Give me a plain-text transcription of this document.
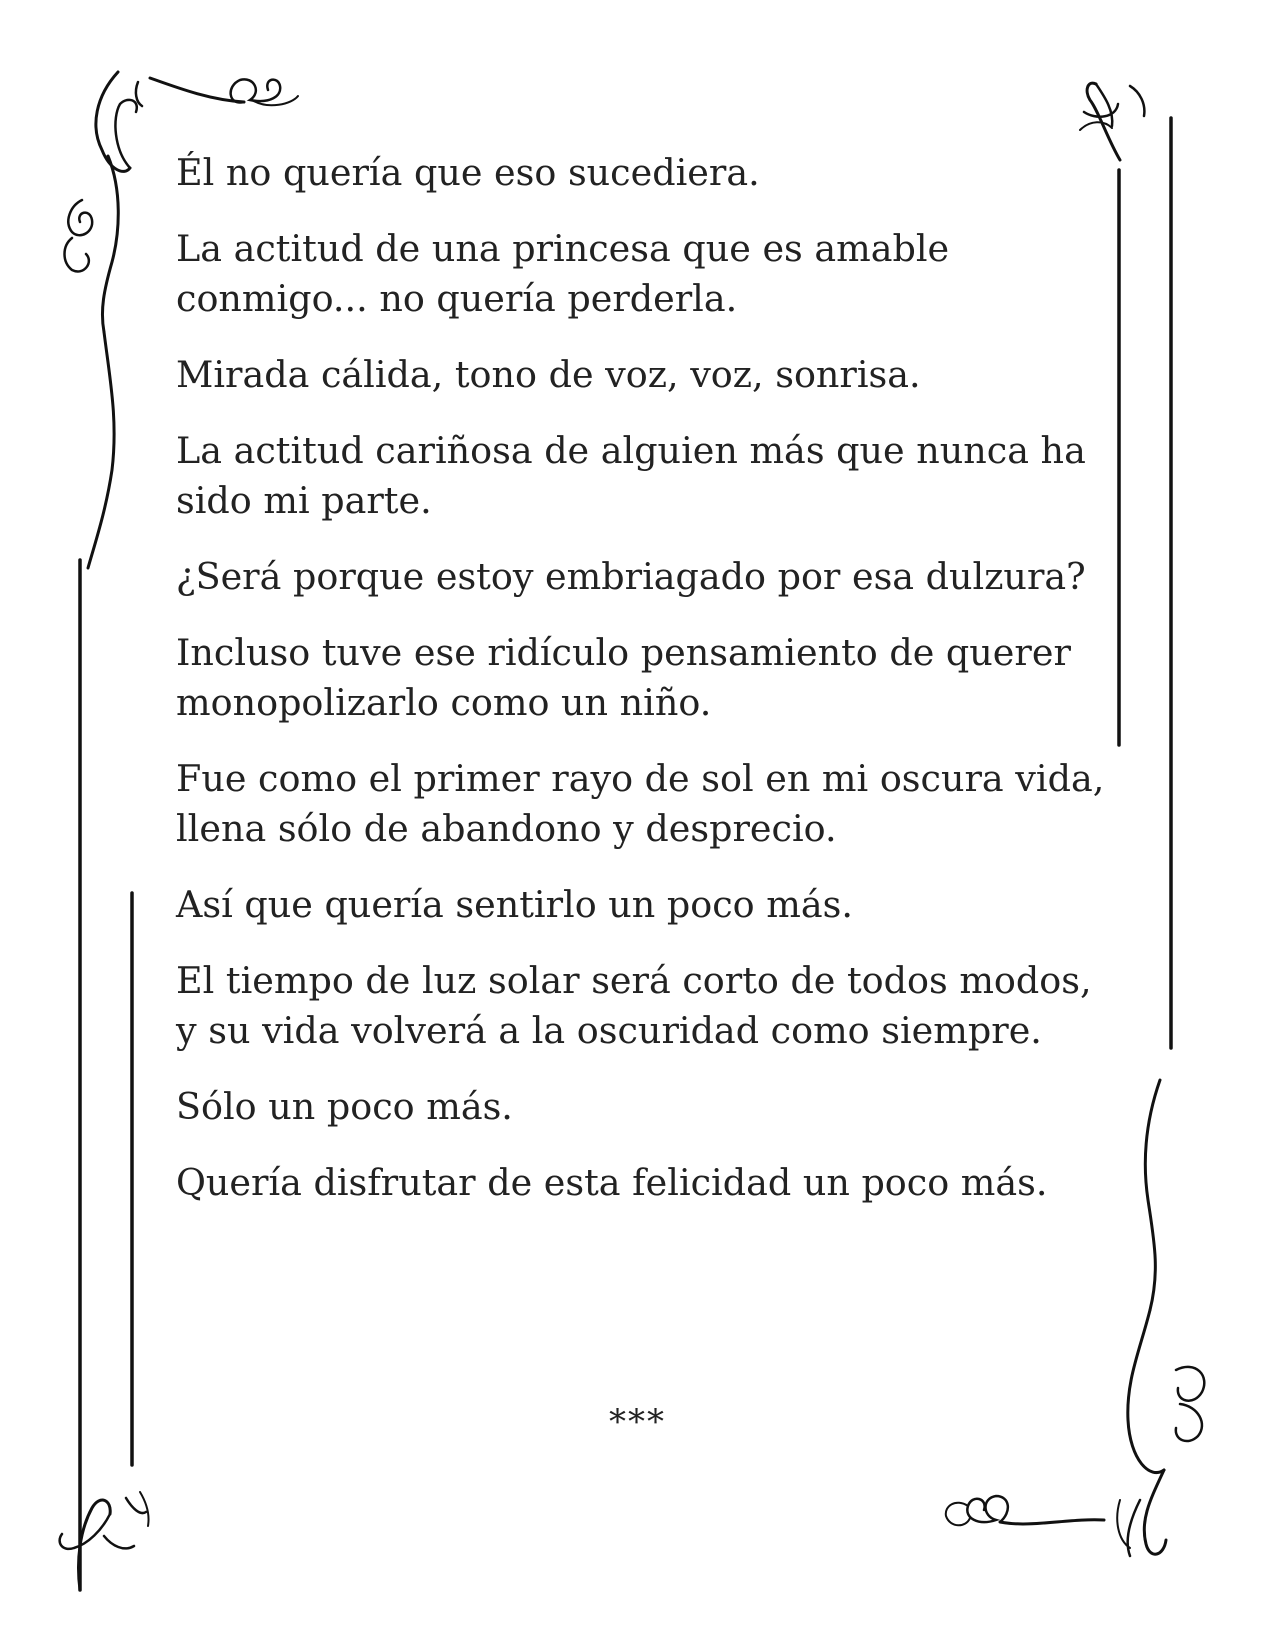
Él no quería que eso sucediera.

La actitud de una princesa que es amable conmigo... no quería perderla.

Mirada cálida, tono de voz, voz, sonrisa.

La actitud cariñosa de alguien más que nunca ha sido mi parte.

¿Será porque estoy embriagado por esa dulzura?

Incluso tuve ese ridículo pensamiento de querer monopolizarlo como un niño.

Fue como el primer rayo de sol en mi oscura vida, llena sólo de abandono y desprecio.

Así que quería sentirlo un poco más.

El tiempo de luz solar será corto de todos modos, y su vida volverá a la oscuridad como siempre.

Sólo un poco más.

Quería disfrutar de esta felicidad un poco más.

***
